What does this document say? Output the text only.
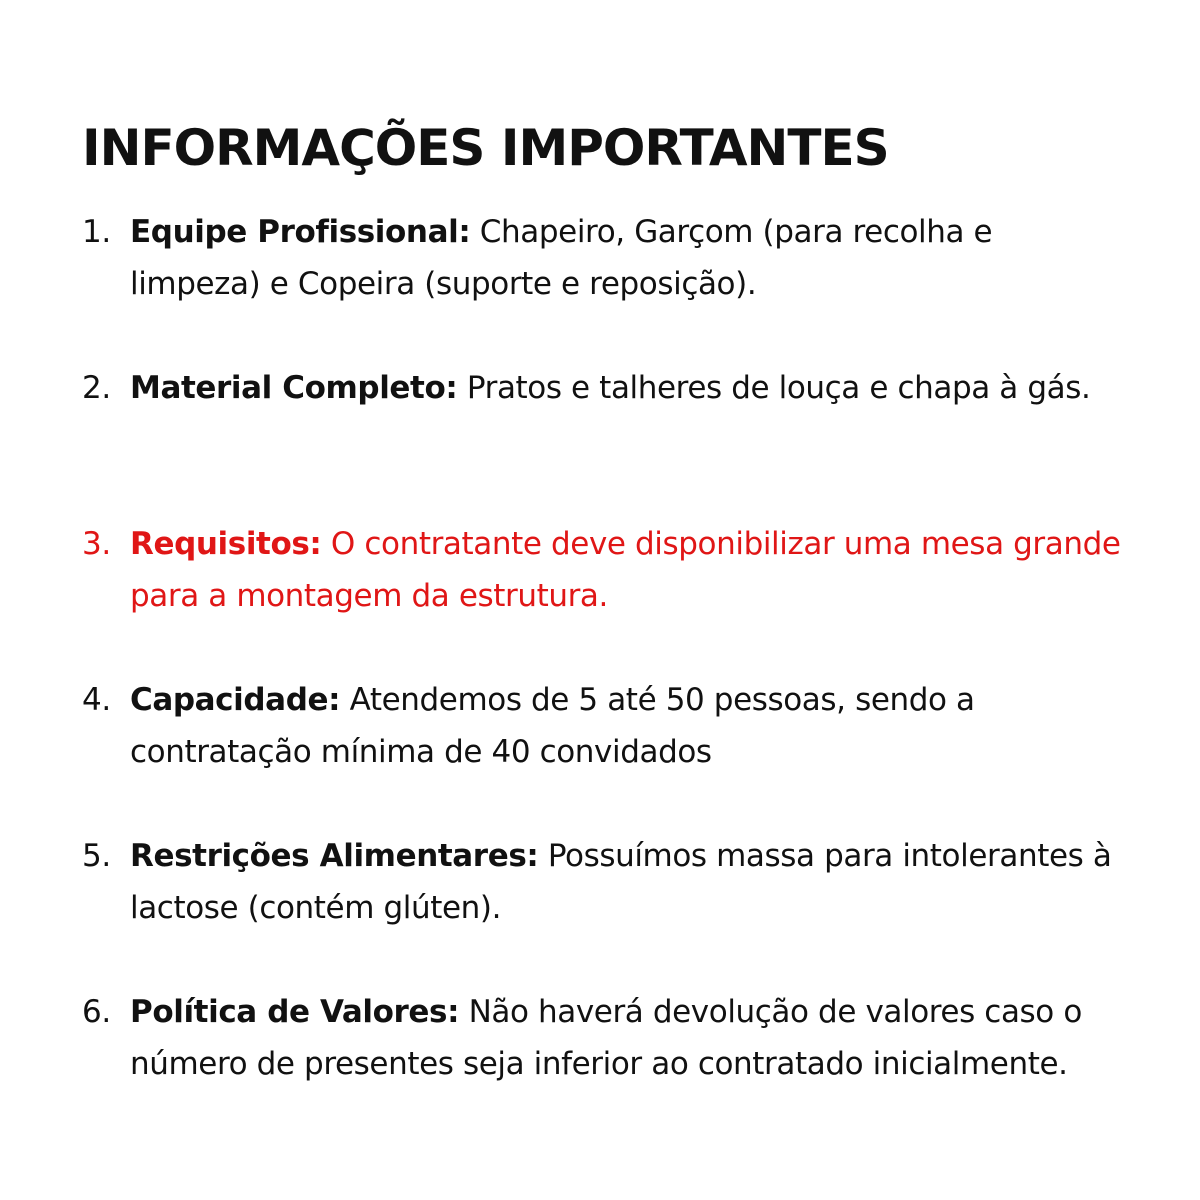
INFORMAÇÕES IMPORTANTES
1. Equipe Profissional: Chapeiro, Garçom (para recolha e limpeza) e Copeira (suporte e reposição).
2. Material Completo: Pratos e talheres de louça e chapa à gás.
3. Requisitos: O contratante deve disponibilizar uma mesa grande para a montagem da estrutura.
4. Capacidade: Atendemos de 5 até 50 pessoas, sendo a contratação mínima de 40 convidados
5. Restrições Alimentares: Possuímos massa para intolerantes à lactose (contém glúten).
6. Política de Valores: Não haverá devolução de valores caso o número de presentes seja inferior ao contratado inicialmente.
